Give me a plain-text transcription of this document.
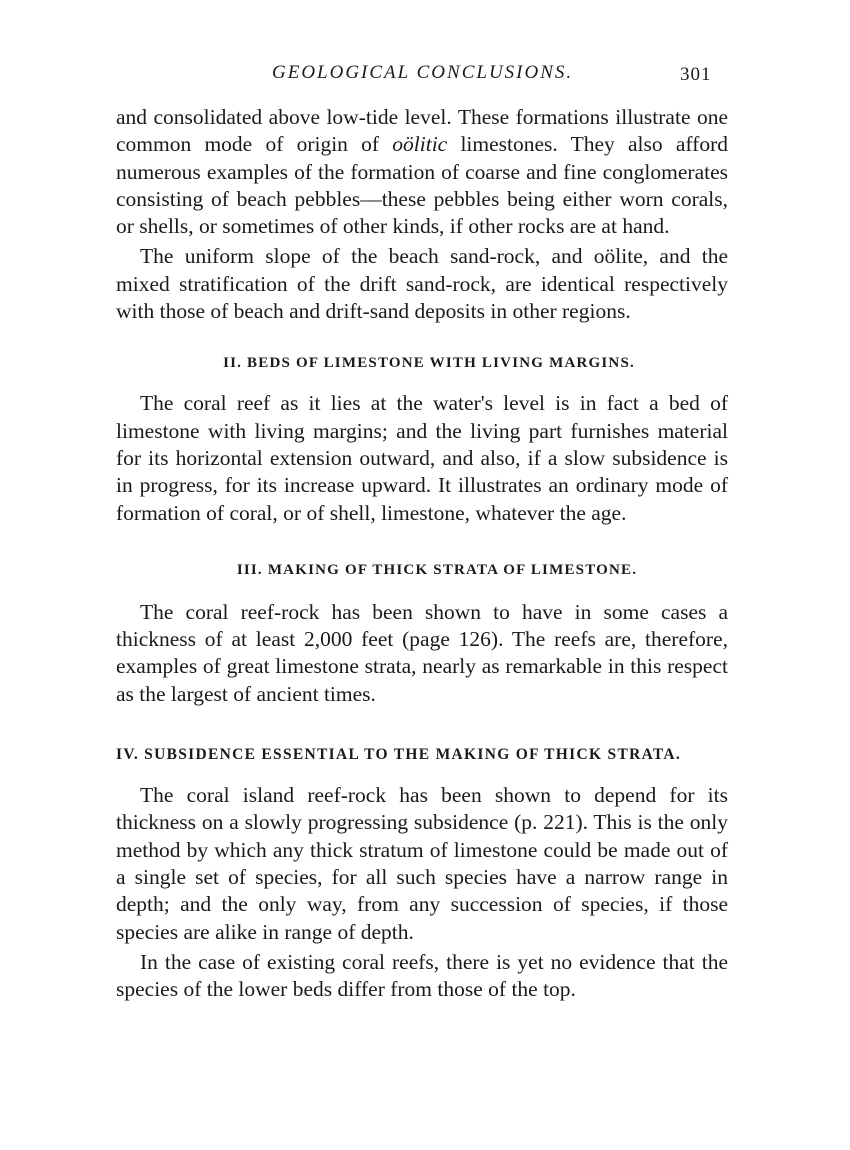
GEOLOGICAL CONCLUSIONS.	301

and consolidated above low-tide level. These formations illustrate one common mode of origin of oölitic limestones. They also afford numerous examples of the formation of coarse and fine conglomerates consisting of beach pebbles—these pebbles being either worn corals, or shells, or sometimes of other kinds, if other rocks are at hand.

The uniform slope of the beach sand-rock, and oölite, and the mixed stratification of the drift sand-rock, are identical respectively with those of beach and drift-sand deposits in other regions.

II. BEDS OF LIMESTONE WITH LIVING MARGINS.

The coral reef as it lies at the water's level is in fact a bed of limestone with living margins; and the living part furnishes material for its horizontal extension outward, and also, if a slow subsidence is in progress, for its increase upward. It illustrates an ordinary mode of formation of coral, or of shell, limestone, whatever the age.

III. MAKING OF THICK STRATA OF LIMESTONE.

The coral reef-rock has been shown to have in some cases a thickness of at least 2,000 feet (page 126). The reefs are, therefore, examples of great limestone strata, nearly as remarkable in this respect as the largest of ancient times.

IV. SUBSIDENCE ESSENTIAL TO THE MAKING OF THICK STRATA.

The coral island reef-rock has been shown to depend for its thickness on a slowly progressing subsidence (p. 221). This is the only method by which any thick stratum of limestone could be made out of a single set of species, for all such species have a narrow range in depth; and the only way, from any succession of species, if those species are alike in range of depth.

In the case of existing coral reefs, there is yet no evidence that the species of the lower beds differ from those of the top.
